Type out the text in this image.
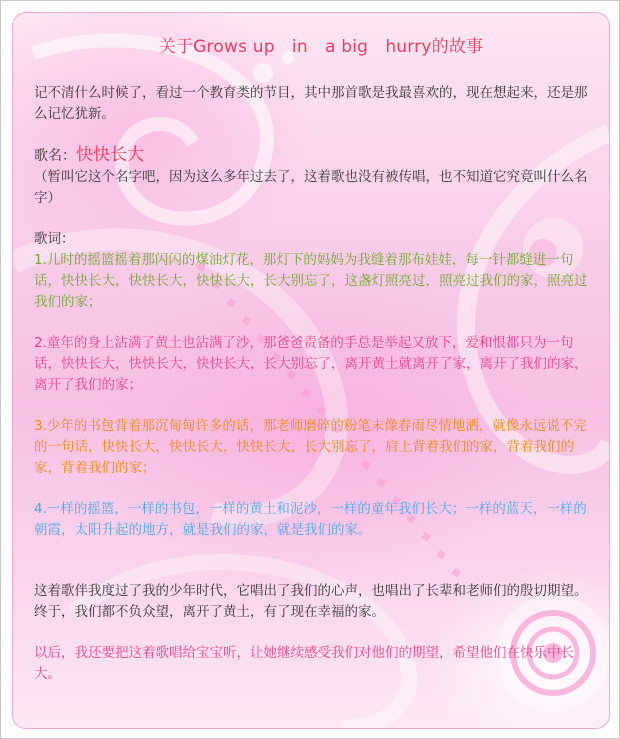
关于Grows up　in　a big　hurry的故事

记不清什么时候了，看过一个教育类的节目，其中那首歌是我最喜欢的，现在想起来，还是那么记忆犹新。

歌名：快快长大

（暂叫它这个名字吧，因为这么多年过去了，这着歌也没有被传唱，也不知道它究竟叫什么名字）

歌词：

1.儿时的摇篮摇着那闪闪的煤油灯花，那灯下的妈妈为我缝着那布娃娃，每一针都缝进一句话，快快长大，快快长大，快快长大，长大别忘了，这盏灯照亮过，照亮过我们的家，照亮过我们的家；

2.童年的身上沾满了黄土也沾满了沙，那爸爸责备的手总是举起又放下，爱和恨都只为一句话，快快长大，快快长大，快快长大，长大别忘了，离开黄土就离开了家，离开了我们的家，离开了我们的家；

3.少年的书包背着那沉甸甸许多的话，那老师磨碎的粉笔末像春雨尽情地洒，就像永远说不完的一句话，快快长大，快快长大，快快长大，长大别忘了，肩上背着我们的家，背着我们的家，背着我们的家；

4.一样的摇篮，一样的书包，一样的黄土和泥沙，一样的童年我们长大；一样的蓝天，一样的朝霞，太阳升起的地方，就是我们的家，就是我们的家。

这着歌伴我度过了我的少年时代，它唱出了我们的心声，也唱出了长辈和老师们的殷切期望。终于，我们都不负众望，离开了黄土，有了现在幸福的家。

以后，我还要把这着歌唱给宝宝听，让她继续感受我们对他们的期望，希望他们在快乐中长大。
